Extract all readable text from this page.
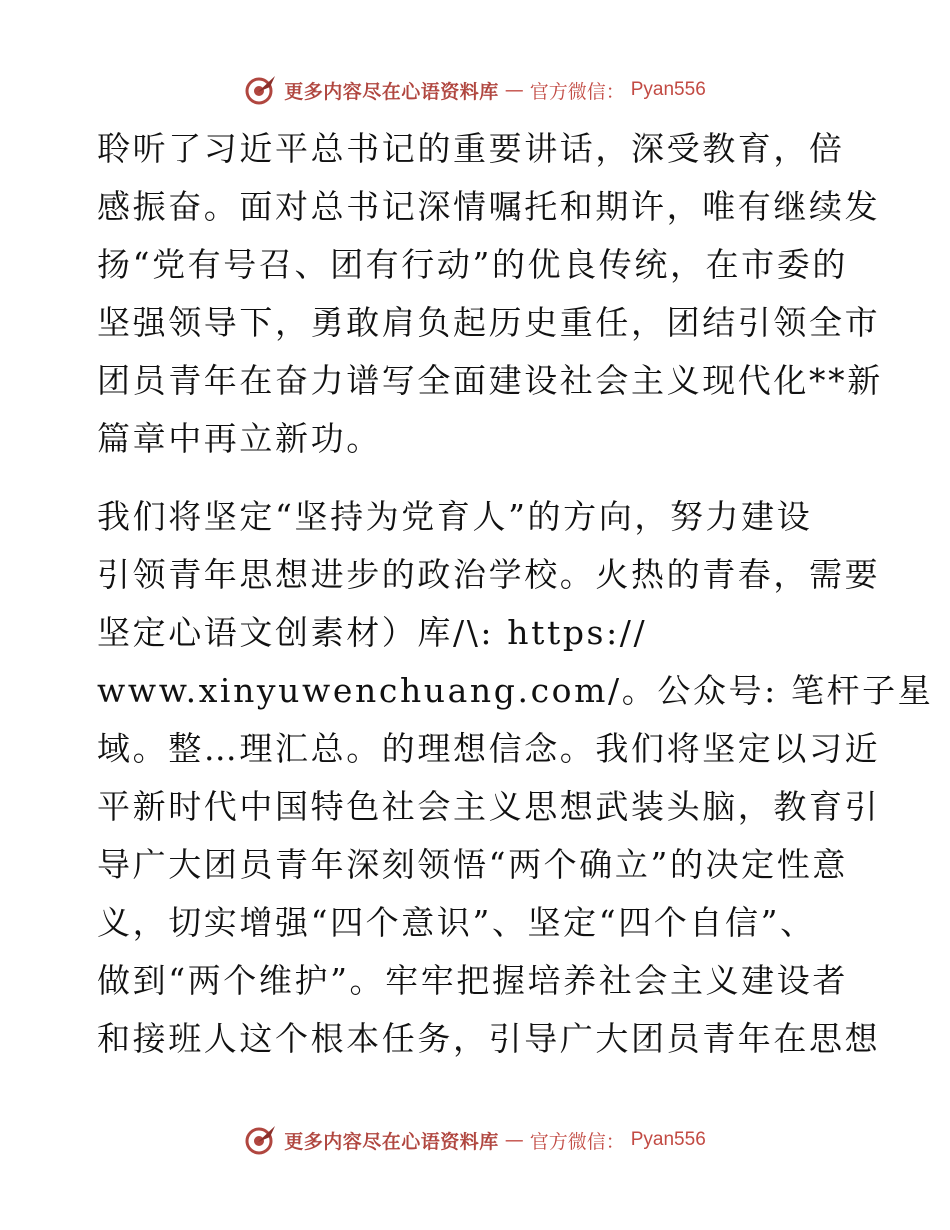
更多内容尽在心语资料库 — 官方微信： Pyan556
聆听了习近平总书记的重要讲话，深受教育，倍
感振奋。面对总书记深情嘱托和期许，唯有继续发
扬“党有号召、团有行动”的优良传统，在市委的
坚强领导下，勇敢肩负起历史重任，团结引领全市
团员青年在奋力谱写全面建设社会主义现代化**新
篇章中再立新功。
我们将坚定“坚持为党育人”的方向，努力建设
引领青年思想进步的政治学校。火热的青春，需要
坚定心语文创素材）库/\: https://
www.xinyuwenchuang.com/。公众号: 笔杆子星
域。整…理汇总。的理想信念。我们将坚定以习近
平新时代中国特色社会主义思想武装头脑，教育引
导广大团员青年深刻领悟“两个确立”的决定性意
义，切实增强“四个意识”、坚定“四个自信”、
做到“两个维护”。牢牢把握培养社会主义建设者
和接班人这个根本任务，引导广大团员青年在思想
更多内容尽在心语资料库 — 官方微信： Pyan556
